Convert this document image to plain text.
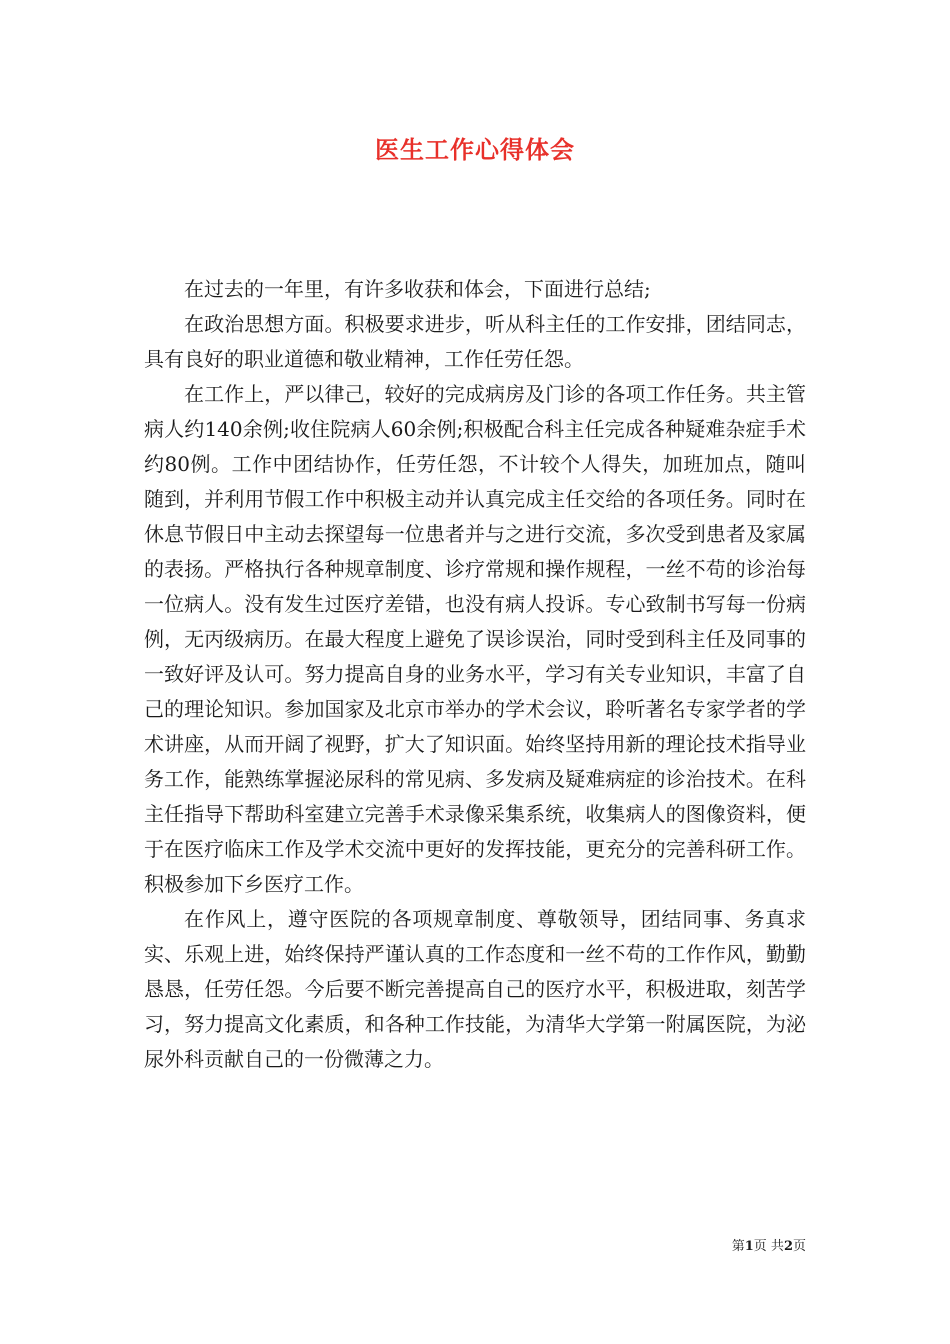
医生工作心得体会

在过去的一年里，有许多收获和体会，下面进行总结;

在政治思想方面。积极要求进步，听从科主任的工作安排，团结同志，具有良好的职业道德和敬业精神，工作任劳任怨。

在工作上，严以律己，较好的完成病房及门诊的各项工作任务。共主管病人约140余例;收住院病人60余例;积极配合科主任完成各种疑难杂症手术约80例。工作中团结协作，任劳任怨，不计较个人得失，加班加点，随叫随到，并利用节假工作中积极主动并认真完成主任交给的各项任务。同时在休息节假日中主动去探望每一位患者并与之进行交流，多次受到患者及家属的表扬。严格执行各种规章制度、诊疗常规和操作规程，一丝不苟的诊治每一位病人。没有发生过医疗差错，也没有病人投诉。专心致制书写每一份病例，无丙级病历。在最大程度上避免了误诊误治，同时受到科主任及同事的一致好评及认可。努力提高自身的业务水平，学习有关专业知识，丰富了自己的理论知识。参加国家及北京市举办的学术会议，聆听著名专家学者的学术讲座，从而开阔了视野，扩大了知识面。始终坚持用新的理论技术指导业务工作，能熟练掌握泌尿科的常见病、多发病及疑难病症的诊治技术。在科主任指导下帮助科室建立完善手术录像采集系统，收集病人的图像资料，便于在医疗临床工作及学术交流中更好的发挥技能，更充分的完善科研工作。积极参加下乡医疗工作。

在作风上，遵守医院的各项规章制度、尊敬领导，团结同事、务真求实、乐观上进，始终保持严谨认真的工作态度和一丝不苟的工作作风，勤勤恳恳，任劳任怨。今后要不断完善提高自己的医疗水平，积极进取，刻苦学习，努力提高文化素质，和各种工作技能，为清华大学第一附属医院，为泌尿外科贡献自己的一份微薄之力。

第1页 共2页
